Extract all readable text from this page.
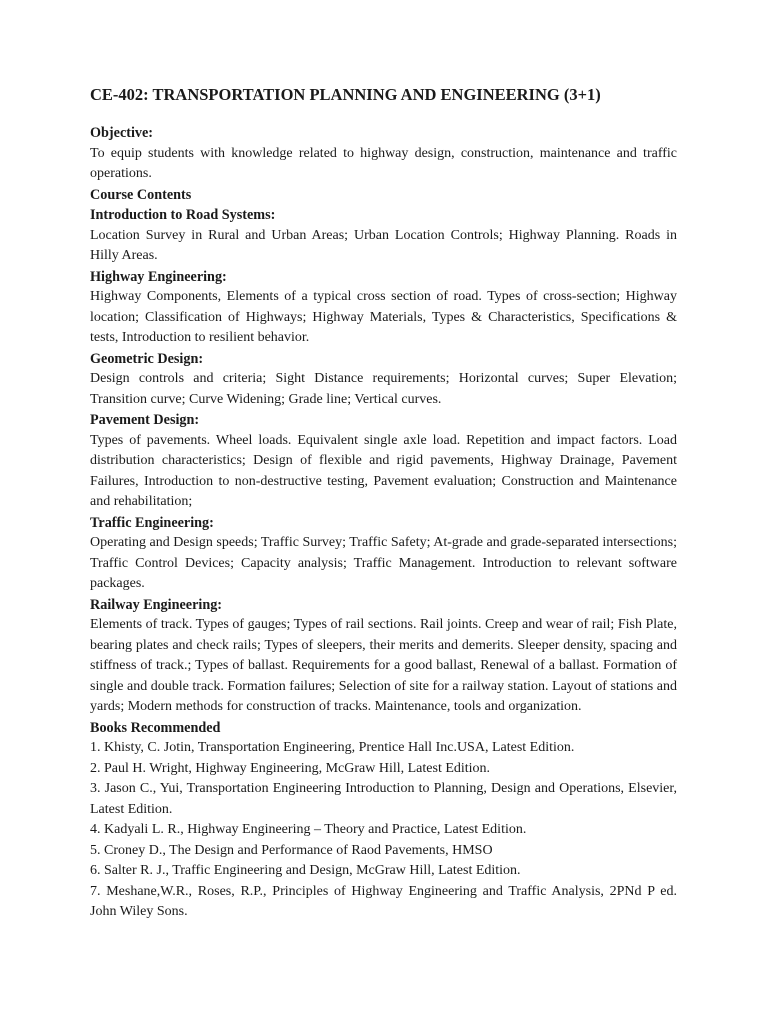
CE-402: TRANSPORTATION PLANNING AND ENGINEERING (3+1)
Objective:
To equip students with knowledge related to highway design, construction, maintenance and traffic operations.
Course Contents
Introduction to Road Systems:
Location Survey in Rural and Urban Areas; Urban Location Controls; Highway Planning. Roads in Hilly Areas.
Highway Engineering:
Highway Components, Elements of a typical cross section of road. Types of cross-section; Highway location; Classification of Highways; Highway Materials, Types & Characteristics, Specifications & tests, Introduction to resilient behavior.
Geometric Design:
Design controls and criteria; Sight Distance requirements; Horizontal curves; Super Elevation; Transition curve; Curve Widening; Grade line; Vertical curves.
Pavement Design:
Types of pavements. Wheel loads. Equivalent single axle load. Repetition and impact factors. Load distribution characteristics; Design of flexible and rigid pavements, Highway Drainage, Pavement Failures, Introduction to non-destructive testing, Pavement evaluation; Construction and Maintenance and rehabilitation;
Traffic Engineering:
Operating and Design speeds; Traffic Survey; Traffic Safety; At-grade and grade-separated intersections; Traffic Control Devices; Capacity analysis; Traffic Management. Introduction to relevant software packages.
Railway Engineering:
Elements of track. Types of gauges; Types of rail sections. Rail joints. Creep and wear of rail; Fish Plate, bearing plates and check rails; Types of sleepers, their merits and demerits. Sleeper density, spacing and stiffness of track.; Types of ballast. Requirements for a good ballast, Renewal of a ballast. Formation of single and double track. Formation failures; Selection of site for a railway station. Layout of stations and yards; Modern methods for construction of tracks. Maintenance, tools and organization.
Books Recommended
1. Khisty, C. Jotin, Transportation Engineering, Prentice Hall Inc.USA, Latest Edition.
2. Paul H. Wright, Highway Engineering, McGraw Hill, Latest Edition.
3. Jason C., Yui, Transportation Engineering Introduction to Planning, Design and Operations, Elsevier, Latest Edition.
4. Kadyali L. R., Highway Engineering – Theory and Practice, Latest Edition.
5. Croney D., The Design and Performance of Raod Pavements, HMSO
6. Salter R. J., Traffic Engineering and Design, McGraw Hill, Latest Edition.
7. Meshane,W.R., Roses, R.P., Principles of Highway Engineering and Traffic Analysis, 2PNd P ed. John Wiley Sons.
